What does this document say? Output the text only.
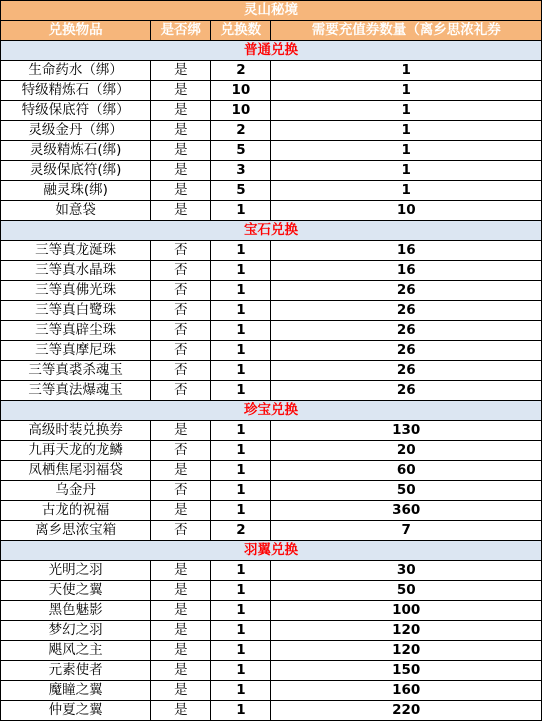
灵山秘境			
兑换物品	是否绑	兑换数	需要充值券数量（离乡思浓礼券
普通兑换			
生命药水（绑）	是	2	1
特级精炼石（绑）	是	10	1
特级保底符（绑）	是	10	1
灵级金丹（绑）	是	2	1
灵级精炼石(绑)	是	5	1
灵级保底符(绑)	是	3	1
融灵珠(绑)	是	5	1
如意袋	是	1	10
宝石兑换			
三等真龙涎珠	否	1	16
三等真水晶珠	否	1	16
三等真佛光珠	否	1	26
三等真白鹭珠	否	1	26
三等真辟尘珠	否	1	26
三等真摩尼珠	否	1	26
三等真裘杀魂玉	否	1	26
三等真法爆魂玉	否	1	26
珍宝兑换			
高级时装兑换券	是	1	130
九再天龙的龙鳞	否	1	20
凤栖焦尾羽福袋	是	1	60
乌金丹	否	1	50
古龙的祝福	是	1	360
离乡思浓宝箱	否	2	7
羽翼兑换			
光明之羽	是	1	30
天使之翼	是	1	50
黑色魅影	是	1	100
梦幻之羽	是	1	120
飓风之主	是	1	120
元素使者	是	1	150
魔瞳之翼	是	1	160
仲夏之翼	是	1	220
